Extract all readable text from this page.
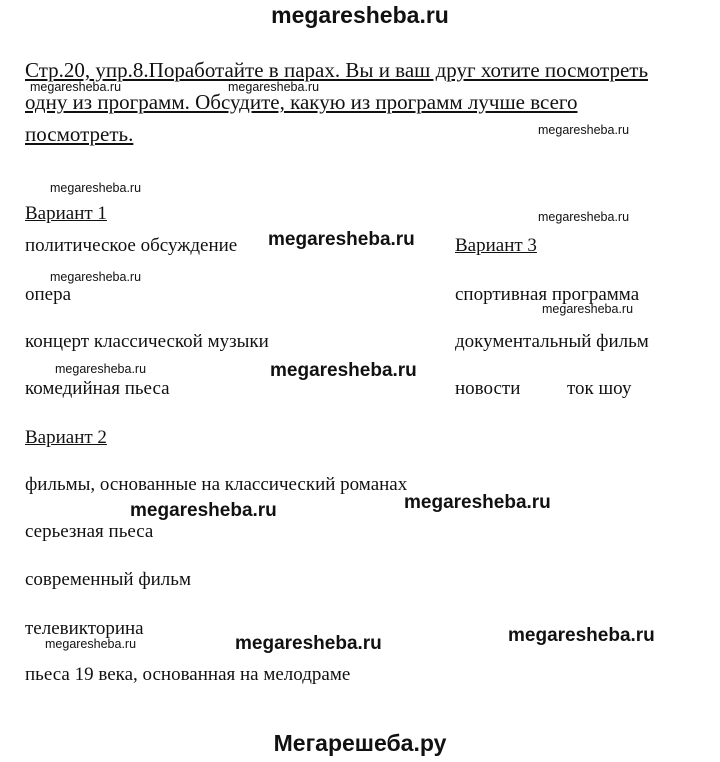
megaresheba.ru
Стр.20, упр.8.Поработайте в парах. Вы и ваш друг хотите посмотреть
одну из программ. Обсудите, какую из программ лучше всего
посмотреть.
Вариант 1
политическое обсуждение
опера
концерт классической музыки
комедийная пьеса
Вариант 2
фильмы, основанные на классический романах
серьезная пьеса
современный фильм
телевикторина
пьеса 19 века, основанная на мелодраме
Вариант 3
спортивная программа
документальный фильм
новости ток шоу
megaresheba.ru	megaresheba.ru
megaresheba.ru
megaresheba.ru
megaresheba.ru
megaresheba.ru
megaresheba.ru
megaresheba.ru
megaresheba.ru
megaresheba.ru
megaresheba.ru
megaresheba.ru
megaresheba.ru
megaresheba.ru	megaresheba.ru
Мегарешеба.ру
